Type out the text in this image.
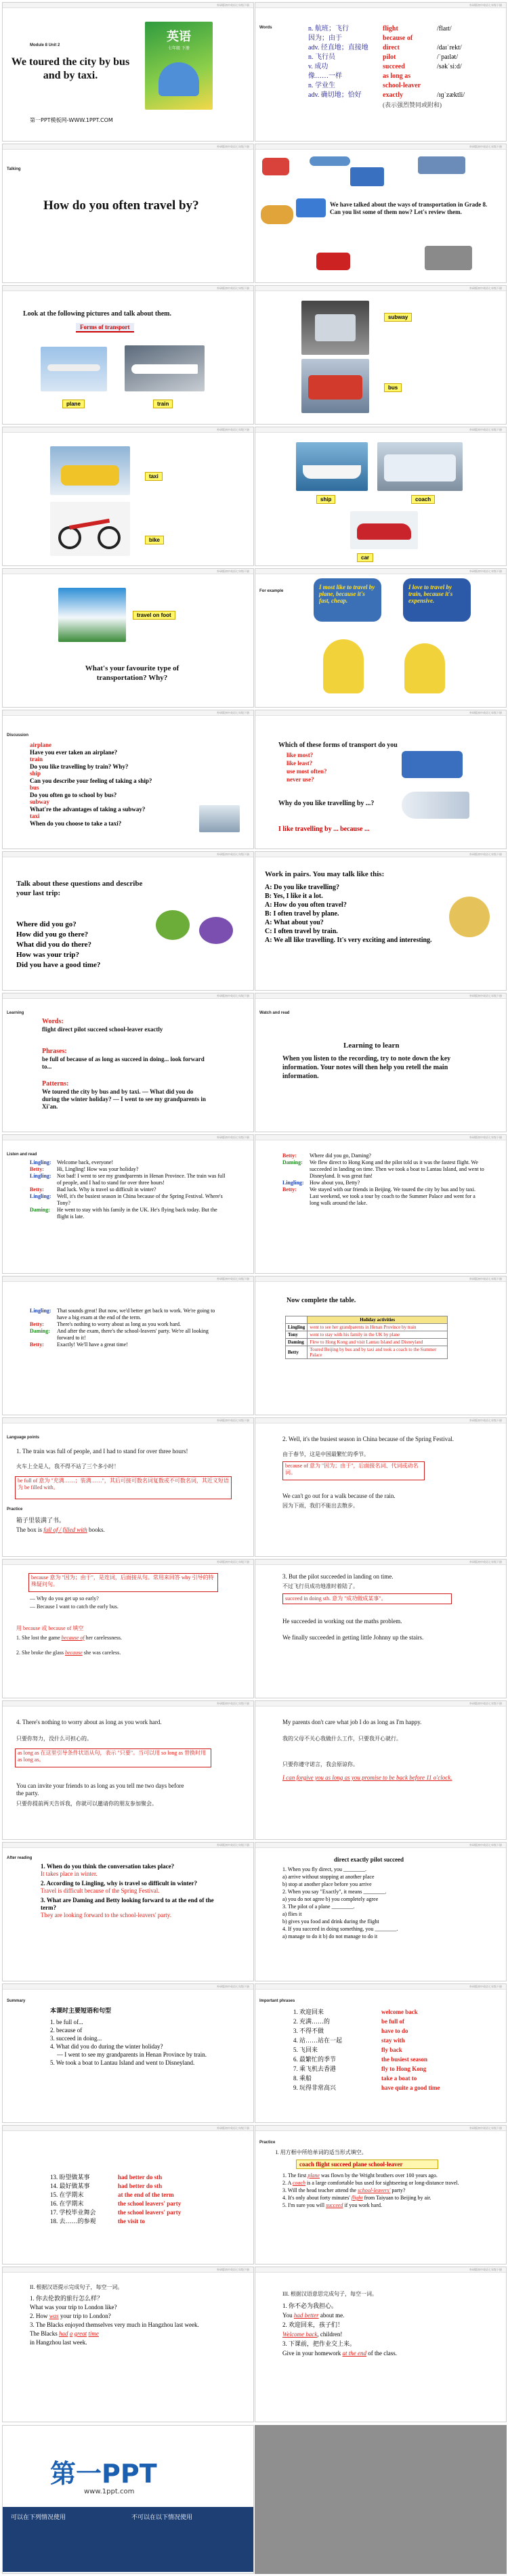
外研版初中英语七年级下册
Module 8 Unit 2
We toured the city by bus and by taxi.
英语
七年级 下册
第一PPT模板网-WWW.1PPT.COM
外研版初中英语七年级下册
Words	n. 航班；飞行	flight	/flaɪt/
因为；由于	because of
adv. 径直地；直接地	direct	/daɪˈrekt/
n. 飞行员	pilot	/ˈpaɪlət/
v. 成功	succeed	/səkˈsiːd/
像……一样	as long as
n. 学业生	school-leaver
adv. 确切地；恰好	exactly	/ɪɡˈzæktli/
(表示强烈赞同或附和)
外研版初中英语七年级下册
Talking
How do you often travel by?
外研版初中英语七年级下册
We have talked about the ways of transportation in Grade 8. Can you list some of them now? Let's review them.
外研版初中英语七年级下册
Look at the following pictures and talk about them.
Forms of transport
plane	train
外研版初中英语七年级下册
subway
bus
外研版初中英语七年级下册
taxi
bike
外研版初中英语七年级下册
ship	coach
car
外研版初中英语七年级下册
travel on foot
What's your favourite type of transportation? Why?
外研版初中英语七年级下册
For example
I most like to travel by plane, because it's fast, cheap.
I love to travel by train, because it's expensive.
外研版初中英语七年级下册
Discussion
airplane
Have you ever taken an airplane?
train
Do you like travelling by train? Why?
ship
Can you describe your feeling of taking a ship?
bus
Do you often go to school by bus?
subway
What're the advantages of taking a subway?
taxi
When do you choose to take a taxi?
外研版初中英语七年级下册
Which of these forms of transport do you
like most?
like least?
use most often?
never use?
Why do you like travelling by ...?
I like travelling by ... because ...
外研版初中英语七年级下册
Talk about these questions and describe your last trip:
Where did you go?
How did you go there?
What did you do there?
How was your trip?
Did you have a good time?
外研版初中英语七年级下册
Work in pairs. You may talk like this:
A: Do you like travelling?
B: Yes, I like it a lot.
A: How do you often travel?
B: I often travel by plane.
A: What about you?
C: I often travel by train.
A: We all like travelling. It's very exciting and interesting.
外研版初中英语七年级下册
Learning
Words:
flight direct pilot succeed school-leaver exactly
Phrases:
be full of because of as long as succeed in doing... look forward to...
Patterns:
We toured the city by bus and by taxi. — What did you do during the winter holiday? — I went to see my grandparents in Xi'an.
外研版初中英语七年级下册
Watch and read
Learning to learn
When you listen to the recording, try to note down the key information. Your notes will then help you retell the main information.
外研版初中英语七年级下册
Listen and read
Lingling:	Welcome back, everyone!
Betty:	Hi, Lingling! How was your holiday?
Lingling:	Not bad! I went to see my grandparents in Henan Province. The train was full of people, and I had to stand for over three hours!
Betty:	Bad luck. Why is travel so difficult in winter?
Lingling:	Well, it's the busiest season in China because of the Spring Festival. Where's Tony?
Daming:	He went to stay with his family in the UK. He's flying back today. But the flight is late.
外研版初中英语七年级下册
Betty:	Where did you go, Daming?
Daming:	We flew direct to Hong Kong and the pilot told us it was the fastest flight. We succeeded in landing on time. Then we took a boat to Lantau Island, and went to Disneyland. It was great fun!
Lingling:	How about you, Betty?
Betty:	We stayed with our friends in Beijing. We toured the city by bus and by taxi. Last weekend, we took a tour by coach to the Summer Palace and went for a long walk around the lake.
外研版初中英语七年级下册
Lingling:	That sounds great! But now, we'd better get back to work. We're going to have a big exam at the end of the term.
Betty:	There's nothing to worry about as long as you work hard.
Daming:	And after the exam, there's the school-leavers' party. We're all looking forward to it!
Betty:	Exactly! We'll have a great time!
外研版初中英语七年级下册
Now complete the table.
	Holiday activities
Lingling	went to see her grandparents in Henan Province by train
Tony	went to stay with his family in the UK by plane
Daming	Flew to Hong Kong and visit Lantau Island and Disneyland
Betty	Toured Beijing by bus and by taxi and took a coach to the Summer Palace
外研版初中英语七年级下册
Language points
1. The train was full of people, and I had to stand for over three hours!
火车上全是人，我不得不站了三个多小时！
be full of 意为 "充满……；装满……"，其后可接可数名词复数或不可数名词，其近义短语为 be filled with。
Practice
箱子里装满了书。
The box is full of / filled with books.
外研版初中英语七年级下册
2. Well, it's the busiest season in China because of the Spring Festival.
由于春节，这是中国最繁忙的季节。
because of 意为 "因为；由于"，后面接名词、代词或动名词。
We can't go out for a walk because of the rain.
因为下雨，我们不能出去散步。
外研版初中英语七年级下册
because 意为 "因为；由于"，是连词，后面接从句。常用来回答 why 引导的特殊疑问句。
— Why do you get up so early?
— Because I want to catch the early bus.
用 because 或 because of 填空
1. She lost the game because of her carelessness.
2. She broke the glass because she was careless.
外研版初中英语七年级下册
3. But the pilot succeeded in landing on time.
不过飞行员成功地准时着陆了。
succeed in doing sth. 意为 "成功做成某事"。
He succeeded in working out the maths problem.
We finally succeeded in getting little Johnny up the stairs.
外研版初中英语七年级下册
4. There's nothing to worry about as long as you work hard.
只要你努力，没什么可担心的。
as long as 在这里引导条件状语从句，表示 "只要"。当可以用 so long as 替换时用 as long as。
You can invite your friends to as long as you tell me two days before the party.
只要你提前两天告诉我，你就可以邀请你的朋友参加聚会。
外研版初中英语七年级下册
My parents don't care what job I do as long as I'm happy.
我的父母不关心我做什么工作，只要我开心就行。
只要你遵守诺言，我会原谅你。
I can forgive you as long as you promise to be back before 11 o'clock.
外研版初中英语七年级下册
After reading
1. When do you think the conversation takes place?
It takes place in winter.
2. According to Lingling, why is travel so difficult in winter?
Travel is difficult because of the Spring Festival.
3. What are Daming and Betty looking forward to at the end of the term?
They are looking forward to the school-leavers' party.
外研版初中英语七年级下册
direct exactly pilot succeed
1. When you fly direct, you ________.
a) arrive without stopping at another place
b) stop at another place before you arrive
2. When you say "Exactly", it means ________.
a) you do not agree b) you completely agree
3. The pilot of a plane ________.
a) flies it
b) gives you food and drink during the flight
4. If you succeed in doing something, you ________.
a) manage to do it b) do not manage to do it
外研版初中英语七年级下册
Summary
本课时主要短语和句型
1. be full of...
2. because of
3. succeed in doing...
4. What did you do during the winter holiday?
— I went to see my grandparents in Henan Province by train.
5. We took a boat to Lantau Island and went to Disneyland.
外研版初中英语七年级下册
Important phrases
1. 欢迎回来	welcome back
2. 充满……的	be full of
3. 不得不做	have to do
4. 站……站在一起	stay with
5. 飞回来	fly back
6. 最繁忙的季节	the busiest season
7. 乘飞机去香港	fly to Hong Kong
8. 乘船	take a boat to
9. 玩得非常高兴	have quite a good time
外研版初中英语七年级下册
13. 盼望做某事	had better do sth
14. 最好做某事	had better do sth
15. 在学期末	at the end of the term
16. 在学期末	the school leavers' party
17. 学校毕业舞会	the school leavers' party
18. 去……的参观	the visit to
外研版初中英语七年级下册
Practice
I. 用方框中所给单词的适当形式填空。
coach flight succeed plane school-leaver
1. The first plane was flown by the Wright brothers over 100 years ago.
2. A coach is a large comfortable bus used for sightseeing or long-distance travel.
3. Will the head teacher attend the school-leavers' party?
4. It's only about forty minutes' flight from Taiyuan to Beijing by air.
5. I'm sure you will succeed if you work hard.
外研版初中英语七年级下册
II. 根据汉语提示完成句子，每空一词。
1. 你去伦敦的旅行怎么样？
What was your trip to London like?
2. How was your trip to London?
3. The Blacks enjoyed themselves very much in Hangzhou last week.
The Blacks had a great time
in Hangzhou last week.
外研版初中英语七年级下册
III. 根据汉语意思完成句子，每空一词。
1. 你不必为我担心。
You had better about me.
2. 欢迎回来，孩子们！
Welcome back, children!
3. 下课前，把作业交上来。
Give in your homework at the end of the class.
第一PPT
www.1ppt.com
可以在下列情况使用	不可以在以下情况使用
